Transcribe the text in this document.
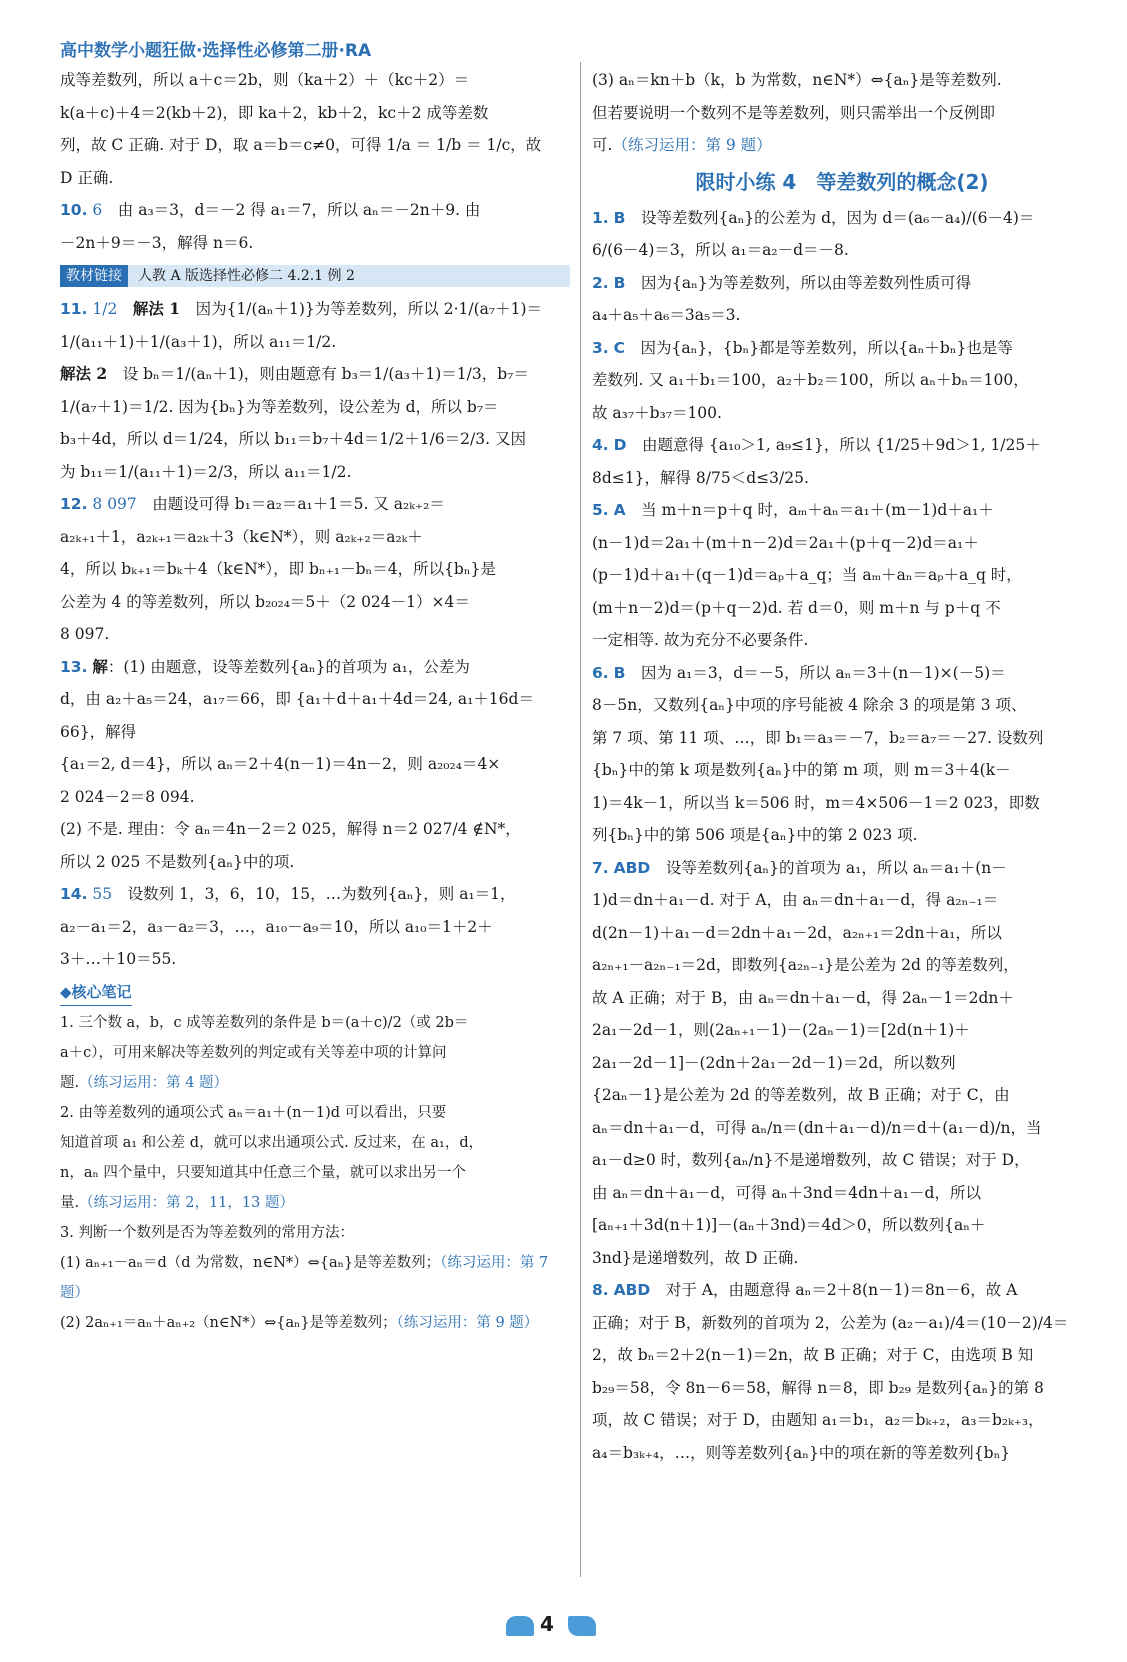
高中数学小题狂做·选择性必修第二册·RA

成等差数列，所以 a＋c＝2b，则（ka＋2）＋（kc＋2）＝

k(a＋c)＋4＝2(kb＋2)，即 ka＋2，kb＋2，kc＋2 成等差数

列，故 C 正确. 对于 D，取 a＝b＝c≠0，可得 1/a ＝ 1/b ＝ 1/c，故

D 正确.

10. 6　 由 a₃＝3，d＝－2 得 a₁＝7，所以 aₙ＝－2n＋9. 由

－2n＋9＝－3，解得 n＝6.

教材链接 人教 A 版选择性必修二 4.2.1 例 2

11. 1/2　 解法 1　 因为{1/(aₙ＋1)}为等差数列，所以 2·1/(a₇＋1)＝

1/(a₁₁＋1)＋1/(a₃＋1)，所以 a₁₁＝1/2.

解法 2　 设 bₙ＝1/(aₙ＋1)，则由题意有 b₃＝1/(a₃＋1)＝1/3，b₇＝

1/(a₇＋1)＝1/2. 因为{bₙ}为等差数列，设公差为 d，所以 b₇＝

b₃＋4d，所以 d＝1/24，所以 b₁₁＝b₇＋4d＝1/2＋1/6＝2/3. 又因

为 b₁₁＝1/(a₁₁＋1)＝2/3，所以 a₁₁＝1/2.

12. 8 097　 由题设可得 b₁＝a₂＝a₁＋1＝5. 又 a₂ₖ₊₂＝

a₂ₖ₊₁＋1，a₂ₖ₊₁＝a₂ₖ＋3（k∈N*），则 a₂ₖ₊₂＝a₂ₖ＋

4，所以 bₖ₊₁＝bₖ＋4（k∈N*），即 bₙ₊₁－bₙ＝4，所以{bₙ}是

公差为 4 的等差数列，所以 b₂₀₂₄＝5＋（2 024－1）×4＝

8 097.

13. 解：(1) 由题意，设等差数列{aₙ}的首项为 a₁，公差为

d，由 a₂＋a₅＝24，a₁₇＝66，即 {a₁＋d＋a₁＋4d＝24, a₁＋16d＝66}，解得

{a₁＝2, d＝4}，所以 aₙ＝2＋4(n－1)＝4n－2，则 a₂₀₂₄＝4×

2 024－2＝8 094.

(2) 不是. 理由：令 aₙ＝4n－2＝2 025，解得 n＝2 027/4 ∉N*，

所以 2 025 不是数列{aₙ}中的项.

14. 55　 设数列 1，3，6，10，15，…为数列{aₙ}，则 a₁＝1，

a₂－a₁＝2，a₃－a₂＝3，…，a₁₀－a₉＝10，所以 a₁₀＝1＋2＋

3＋…＋10＝55.

◆核心笔记

1. 三个数 a，b，c 成等差数列的条件是 b＝(a＋c)/2（或 2b＝

a＋c），可用来解决等差数列的判定或有关等差中项的计算问

题.（练习运用：第 4 题）

2. 由等差数列的通项公式 aₙ＝a₁＋(n－1)d 可以看出，只要

知道首项 a₁ 和公差 d，就可以求出通项公式. 反过来，在 a₁，d，

n，aₙ 四个量中，只要知道其中任意三个量，就可以求出另一个

量.（练习运用：第 2，11，13 题）

3. 判断一个数列是否为等差数列的常用方法：

(1) aₙ₊₁－aₙ＝d（d 为常数，n∈N*）⇔{aₙ}是等差数列；（练习运用：第 7 题）

(2) 2aₙ₊₁＝aₙ＋aₙ₊₂（n∈N*）⇔{aₙ}是等差数列；（练习运用：第 9 题）

(3) aₙ＝kn＋b（k，b 为常数，n∈N*）⇔{aₙ}是等差数列.

但若要说明一个数列不是等差数列，则只需举出一个反例即

可.（练习运用：第 9 题）

限时小练 4　等差数列的概念(2)

1. B　 设等差数列{aₙ}的公差为 d，因为 d＝(a₆－a₄)/(6－4)＝

6/(6－4)＝3，所以 a₁＝a₂－d＝－8.

2. B　 因为{aₙ}为等差数列，所以由等差数列性质可得

a₄＋a₅＋a₆＝3a₅＝3.

3. C　 因为{aₙ}，{bₙ}都是等差数列，所以{aₙ＋bₙ}也是等

差数列. 又 a₁＋b₁＝100，a₂＋b₂＝100，所以 aₙ＋bₙ＝100，

故 a₃₇＋b₃₇＝100.

4. D　 由题意得 {a₁₀＞1, a₉≤1}，所以 {1/25＋9d＞1, 1/25＋8d≤1}，解得 8/75＜d≤3/25.

5. A　 当 m＋n＝p＋q 时，aₘ＋aₙ＝a₁＋(m－1)d＋a₁＋

(n－1)d＝2a₁＋(m＋n－2)d＝2a₁＋(p＋q－2)d＝a₁＋

(p－1)d＋a₁＋(q－1)d＝aₚ＋a_q；当 aₘ＋aₙ＝aₚ＋a_q 时，

(m＋n－2)d＝(p＋q－2)d. 若 d＝0，则 m＋n 与 p＋q 不

一定相等. 故为充分不必要条件.

6. B　 因为 a₁＝3，d＝－5，所以 aₙ＝3＋(n－1)×(－5)＝

8－5n，又数列{aₙ}中项的序号能被 4 除余 3 的项是第 3 项、

第 7 项、第 11 项、…，即 b₁＝a₃＝－7，b₂＝a₇＝－27. 设数列

{bₙ}中的第 k 项是数列{aₙ}中的第 m 项，则 m＝3＋4(k－

1)＝4k－1，所以当 k＝506 时，m＝4×506－1＝2 023，即数

列{bₙ}中的第 506 项是{aₙ}中的第 2 023 项.

7. ABD　 设等差数列{aₙ}的首项为 a₁，所以 aₙ＝a₁＋(n－

1)d＝dn＋a₁－d. 对于 A，由 aₙ＝dn＋a₁－d，得 a₂ₙ₋₁＝

d(2n－1)＋a₁－d＝2dn＋a₁－2d，a₂ₙ₊₁＝2dn＋a₁，所以

a₂ₙ₊₁－a₂ₙ₋₁＝2d，即数列{a₂ₙ₋₁}是公差为 2d 的等差数列，

故 A 正确；对于 B，由 aₙ＝dn＋a₁－d，得 2aₙ－1＝2dn＋

2a₁－2d－1，则(2aₙ₊₁－1)－(2aₙ－1)＝[2d(n＋1)＋

2a₁－2d－1]－(2dn＋2a₁－2d－1)＝2d，所以数列

{2aₙ－1}是公差为 2d 的等差数列，故 B 正确；对于 C，由

aₙ＝dn＋a₁－d，可得 aₙ/n＝(dn＋a₁－d)/n＝d＋(a₁－d)/n，当

a₁－d≥0 时，数列{aₙ/n}不是递增数列，故 C 错误；对于 D，

由 aₙ＝dn＋a₁－d，可得 aₙ＋3nd＝4dn＋a₁－d，所以

[aₙ₊₁＋3d(n＋1)]－(aₙ＋3nd)＝4d＞0，所以数列{aₙ＋

3nd}是递增数列，故 D 正确.

8. ABD　 对于 A，由题意得 aₙ＝2＋8(n－1)＝8n－6，故 A

正确；对于 B，新数列的首项为 2，公差为 (a₂－a₁)/4＝(10－2)/4＝

2，故 bₙ＝2＋2(n－1)＝2n，故 B 正确；对于 C，由选项 B 知

b₂₉＝58，令 8n－6＝58，解得 n＝8，即 b₂₉ 是数列{aₙ}的第 8

项，故 C 错误；对于 D，由题知 a₁＝b₁，a₂＝bₖ₊₂，a₃＝b₂ₖ₊₃，

a₄＝b₃ₖ₊₄，…，则等差数列{aₙ}中的项在新的等差数列{bₙ}

4
